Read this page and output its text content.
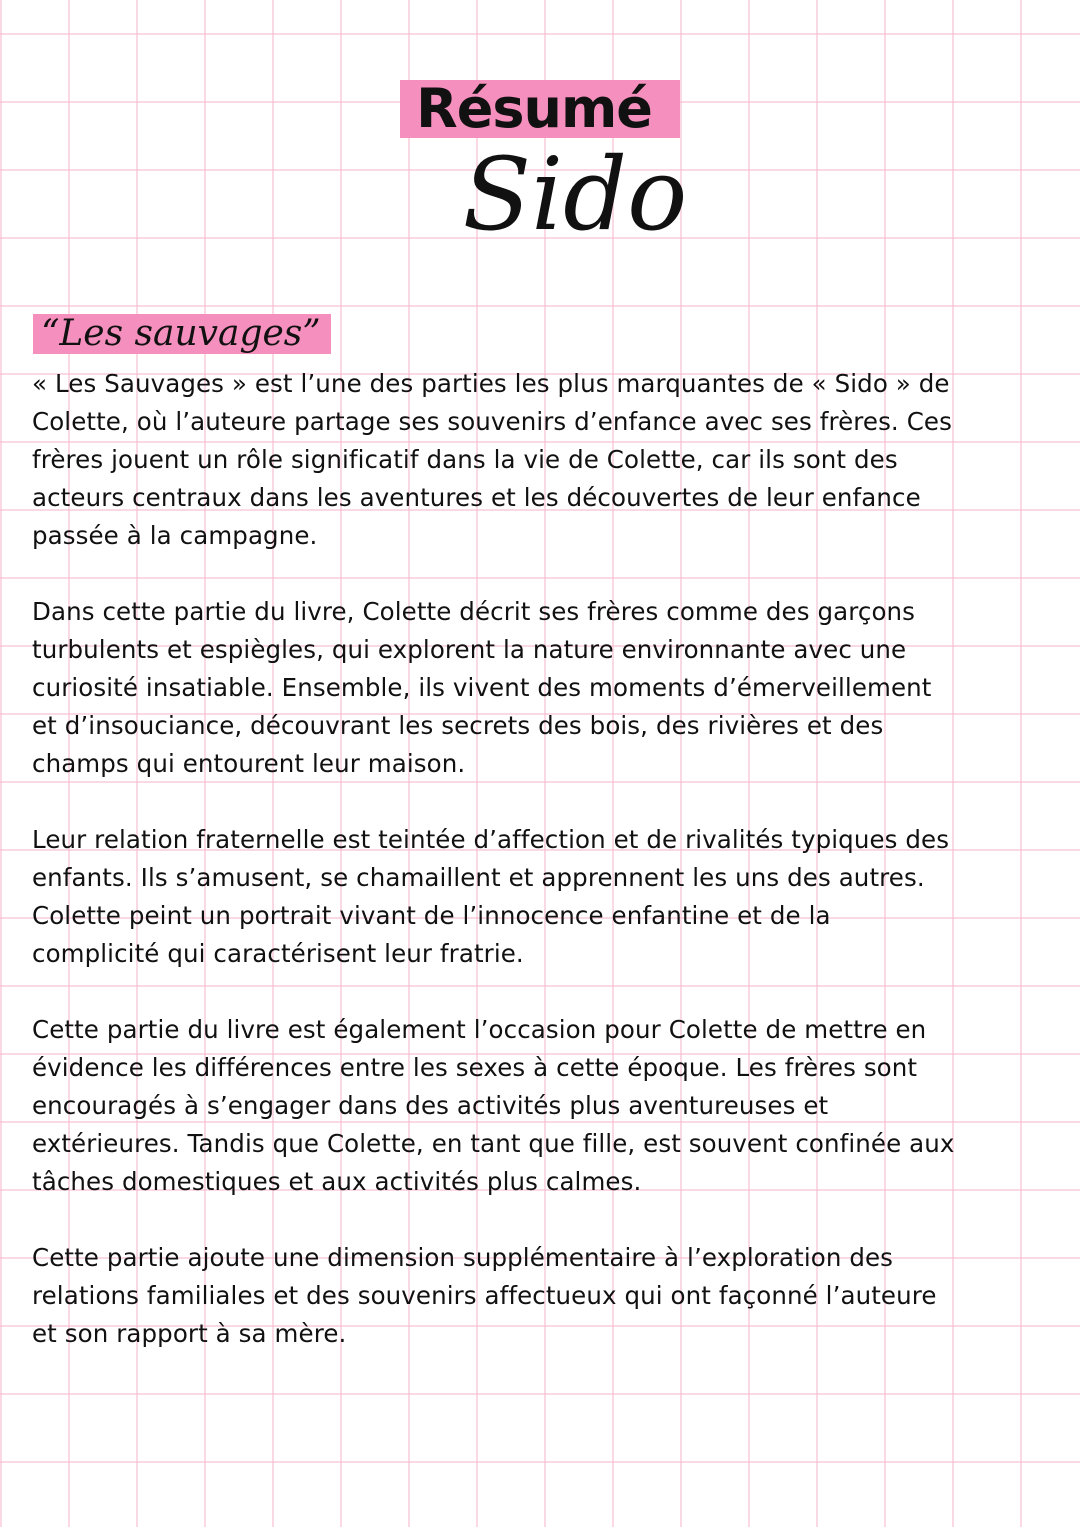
Résumé
Sido
“Les sauvages”

« Les Sauvages » est l’une des parties les plus marquantes de « Sido » de
Colette, où l’auteure partage ses souvenirs d’enfance avec ses frères. Ces
frères jouent un rôle significatif dans la vie de Colette, car ils sont des
acteurs centraux dans les aventures et les découvertes de leur enfance
passée à la campagne.

Dans cette partie du livre, Colette décrit ses frères comme des garçons
turbulents et espiègles, qui explorent la nature environnante avec une
curiosité insatiable. Ensemble, ils vivent des moments d’émerveillement
et d’insouciance, découvrant les secrets des bois, des rivières et des
champs qui entourent leur maison.

Leur relation fraternelle est teintée d’affection et de rivalités typiques des
enfants. Ils s’amusent, se chamaillent et apprennent les uns des autres.
Colette peint un portrait vivant de l’innocence enfantine et de la
complicité qui caractérisent leur fratrie.

Cette partie du livre est également l’occasion pour Colette de mettre en
évidence les différences entre les sexes à cette époque. Les frères sont
encouragés à s’engager dans des activités plus aventureuses et
extérieures. Tandis que Colette, en tant que fille, est souvent confinée aux
tâches domestiques et aux activités plus calmes.

Cette partie ajoute une dimension supplémentaire à l’exploration des
relations familiales et des souvenirs affectueux qui ont façonné l’auteure
et son rapport à sa mère.
